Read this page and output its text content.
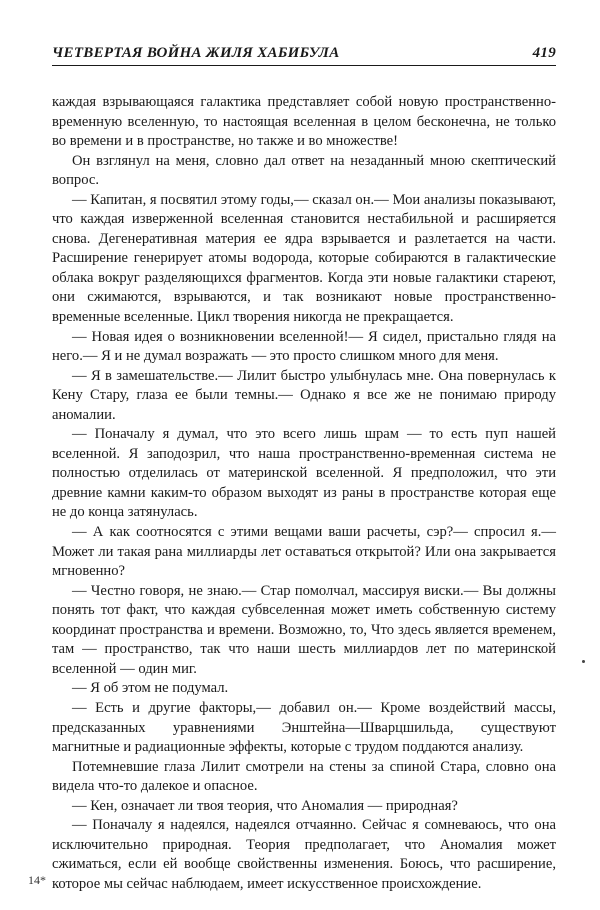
ЧЕТВЕРТАЯ ВОЙНА ЖИЛЯ ХАБИБУЛА	419

каждая взрывающаяся галактика представляет собой новую пространственно-временную вселенную, то настоящая вселенная в целом бесконечна, не только во времени и в пространстве, но также и во множестве!

Он взглянул на меня, словно дал ответ на незаданный мною скептический вопрос.

— Капитан, я посвятил этому годы,— сказал он.— Мои анализы показывают, что каждая изверженной вселенная становится нестабильной и расширяется снова. Дегенеративная материя ее ядра взрывается и разлетается на части. Расширение генерирует атомы водорода, которые собираются в галактические облака вокруг разделяющихся фрагментов. Когда эти новые галактики стареют, они сжимаются, взрываются, и так возникают новые пространственно-временные вселенные. Цикл творения никогда не прекращается.

— Новая идея о возникновении вселенной!— Я сидел, пристально глядя на него.— Я и не думал возражать — это просто слишком много для меня.

— Я в замешательстве.— Лилит быстро улыбнулась мне. Она повернулась к Кену Стару, глаза ее были темны.— Однако я все же не понимаю природу аномалии.

— Поначалу я думал, что это всего лишь шрам — то есть пуп нашей вселенной. Я заподозрил, что наша пространственно-временная система не полностью отделилась от материнской вселенной. Я предположил, что эти древние камни каким-то образом выходят из раны в пространстве которая еще не до конца затянулась.

— А как соотносятся с этими вещами ваши расчеты, сэр?— спросил я.— Может ли такая рана миллиарды лет оставаться открытой? Или она закрывается мгновенно?

— Честно говоря, не знаю.— Стар помолчал, массируя виски.— Вы должны понять тот факт, что каждая субвселенная может иметь собственную систему координат пространства и времени. Возможно, то, Что здесь является временем, там — пространство, так что наши шесть миллиардов лет по материнской вселенной — один миг.

— Я об этом не подумал.

— Есть и другие факторы,— добавил он.— Кроме воздействий массы, предсказанных уравнениями Энштейна—Шварцшильда, существуют магнитные и радиационные эффекты, которые с трудом поддаются анализу.

Потемневшие глаза Лилит смотрели на стены за спиной Стара, словно она видела что-то далекое и опасное.

— Кен, означает ли твоя теория, что Аномалия — природная?

— Поначалу я надеялся, надеялся отчаянно. Сейчас я сомневаюсь, что она исключительно природная. Теория предполагает, что Аномалия может сжиматься, если ей вообще свойственны изменения. Боюсь, что расширение, которое мы сейчас наблюдаем, имеет искусственное происхождение.

14*
